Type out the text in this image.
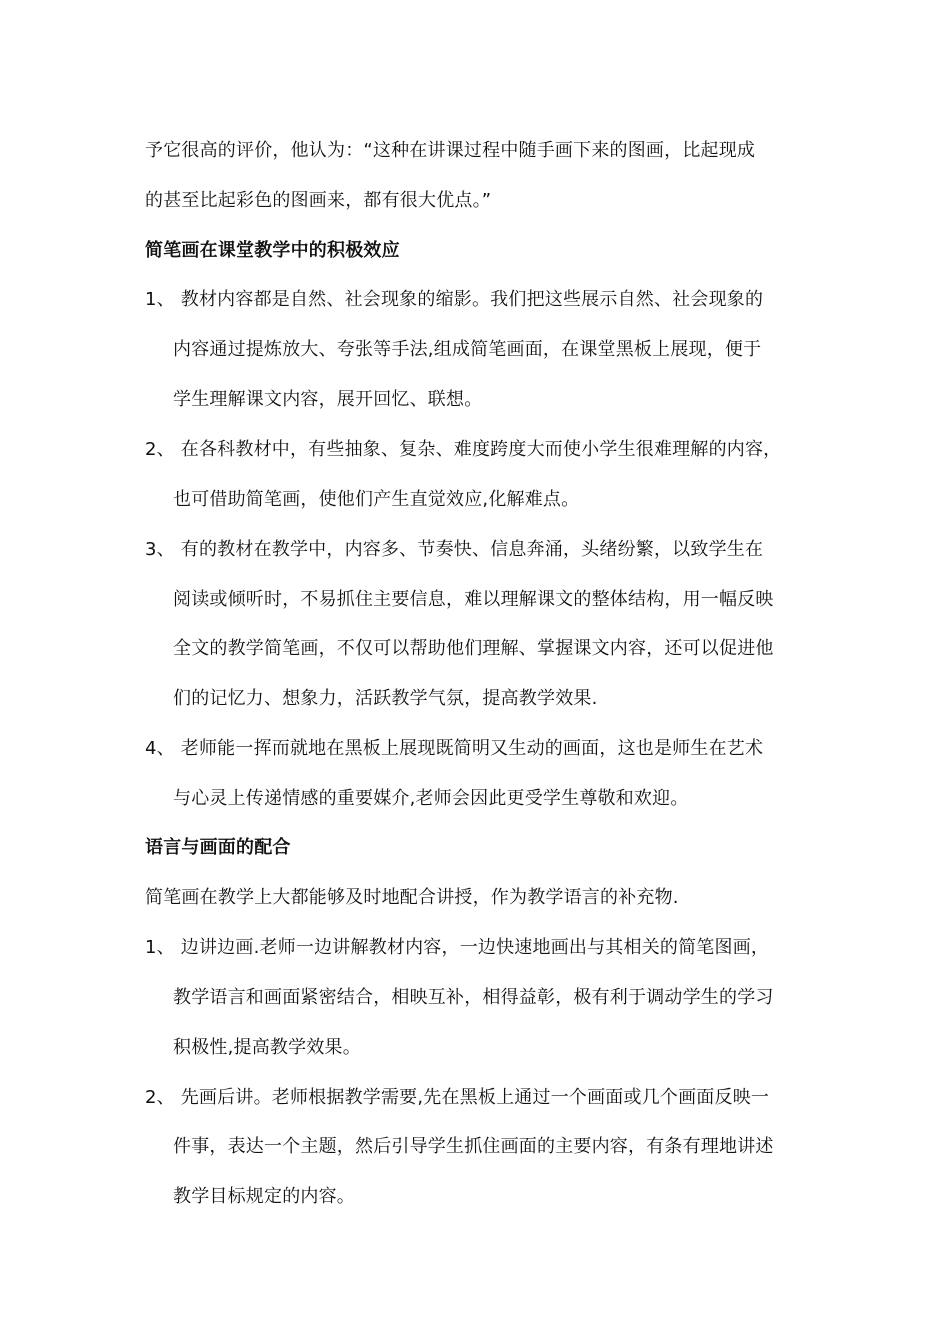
予它很高的评价，他认为：“这种在讲课过程中随手画下来的图画，比起现成
的甚至比起彩色的图画来，都有很大优点。”
简笔画在课堂教学中的积极效应
1、 教材内容都是自然、社会现象的缩影。我们把这些展示自然、社会现象的
内容通过提炼放大、夸张等手法,组成简笔画面，在课堂黑板上展现，便于
学生理解课文内容，展开回忆、联想。
2、 在各科教材中，有些抽象、复杂、难度跨度大而使小学生很难理解的内容，
也可借助简笔画，使他们产生直觉效应,化解难点。
3、 有的教材在教学中，内容多、节奏快、信息奔涌，头绪纷繁，以致学生在
阅读或倾听时，不易抓住主要信息，难以理解课文的整体结构，用一幅反映
全文的教学简笔画，不仅可以帮助他们理解、掌握课文内容，还可以促进他
们的记忆力、想象力，活跃教学气氛，提高教学效果.
4、 老师能一挥而就地在黑板上展现既简明又生动的画面，这也是师生在艺术
与心灵上传递情感的重要媒介,老师会因此更受学生尊敬和欢迎。
语言与画面的配合
简笔画在教学上大都能够及时地配合讲授，作为教学语言的补充物.
1、 边讲边画.老师一边讲解教材内容，一边快速地画出与其相关的简笔图画，
教学语言和画面紧密结合，相映互补，相得益彰，极有利于调动学生的学习
积极性,提高教学效果。
2、 先画后讲。老师根据教学需要,先在黑板上通过一个画面或几个画面反映一
件事，表达一个主题，然后引导学生抓住画面的主要内容，有条有理地讲述
教学目标规定的内容。
